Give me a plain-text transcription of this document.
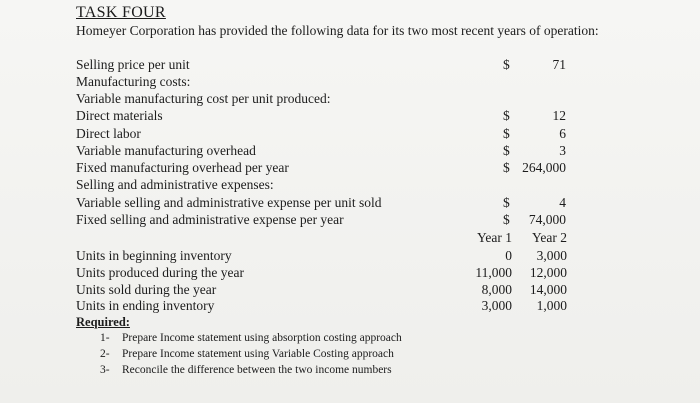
TASK FOUR
Homeyer Corporation has provided the following data for its two most recent years of operation:
Selling price per unit	$	71
Manufacturing costs:
Variable manufacturing cost per unit produced:
Direct materials	$	12
Direct labor	$	6
Variable manufacturing overhead	$	3
Fixed manufacturing overhead per year	$ 264,000
Selling and administrative expenses:
Variable selling and administrative expense per unit sold	$	4
Fixed selling and administrative expense per year	$ 74,000
Year 1 Year 2
Units in beginning inventory	0 3,000
Units produced during the year	11,000 12,000
Units sold during the year	8,000 14,000
Units in ending inventory	3,000 1,000
Required:
1- Prepare Income statement using absorption costing approach
2- Prepare Income statement using Variable Costing approach
3- Reconcile the difference between the two income numbers
